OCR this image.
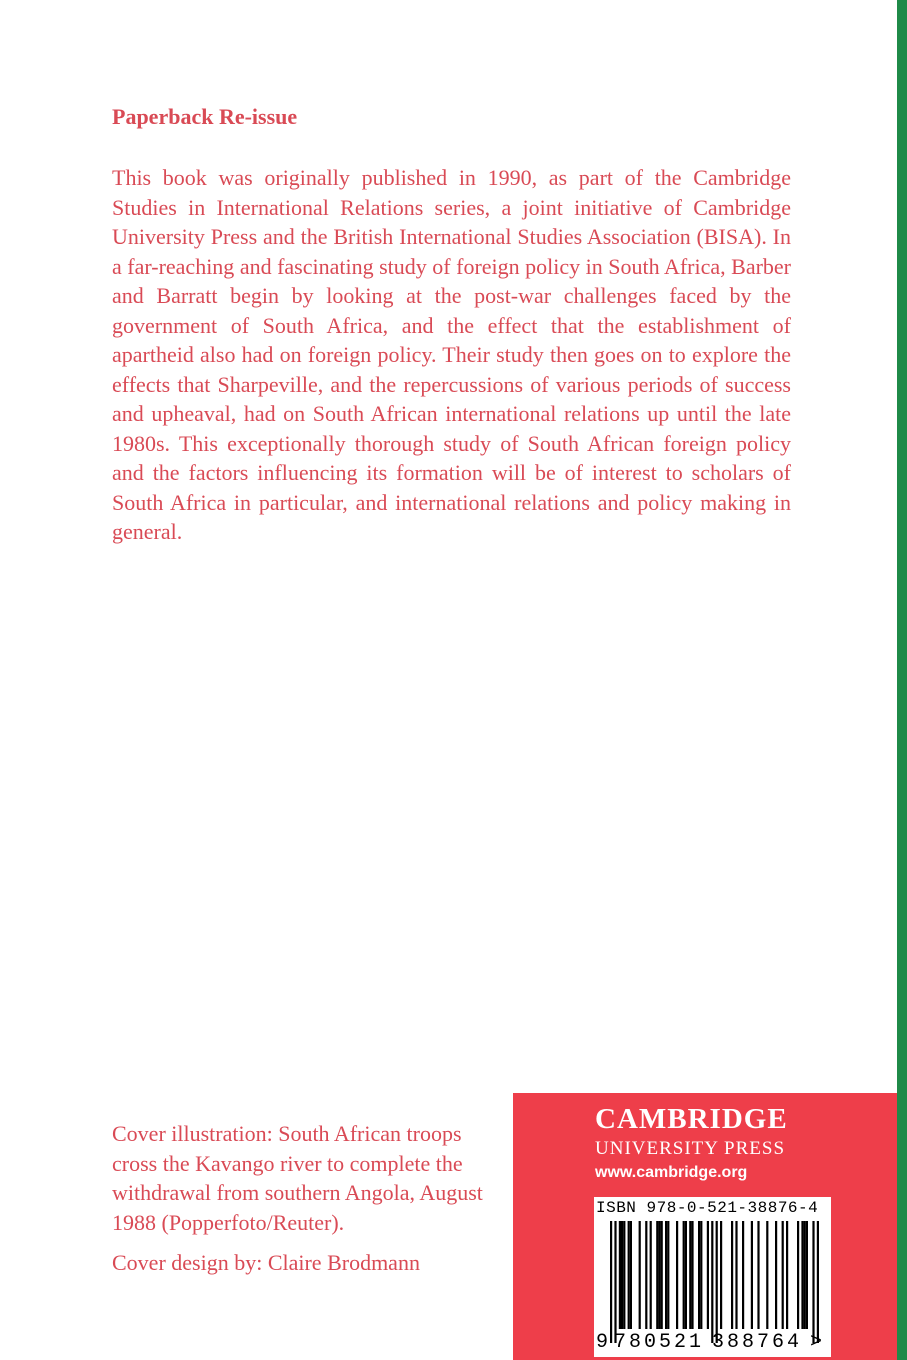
Paperback Re-issue
This book was originally published in 1990, as part of the Cambridge Studies in International Relations series, a joint initiative of Cambridge University Press and the British International Studies Association (BISA). In a far-reaching and fascinating study of foreign policy in South Africa, Barber and Barratt begin by looking at the post-war challenges faced by the government of South Africa, and the effect that the establishment of apartheid also had on foreign policy. Their study then goes on to explore the effects that Sharpeville, and the repercussions of various periods of success and upheaval, had on South African international relations up until the late 1980s. This exceptionally thorough study of South African foreign policy and the factors influencing its formation will be of interest to scholars of South Africa in particular, and international relations and policy making in general.

Cover illustration: South African troops cross the Kavango river to complete the withdrawal from southern Angola, August 1988 (Popperfoto/Reuter).

Cover design by: Claire Brodmann

CAMBRIDGE
UNIVERSITY PRESS
www.cambridge.org
ISBN 978-0-521-38876-4
9 780521 388764 >
